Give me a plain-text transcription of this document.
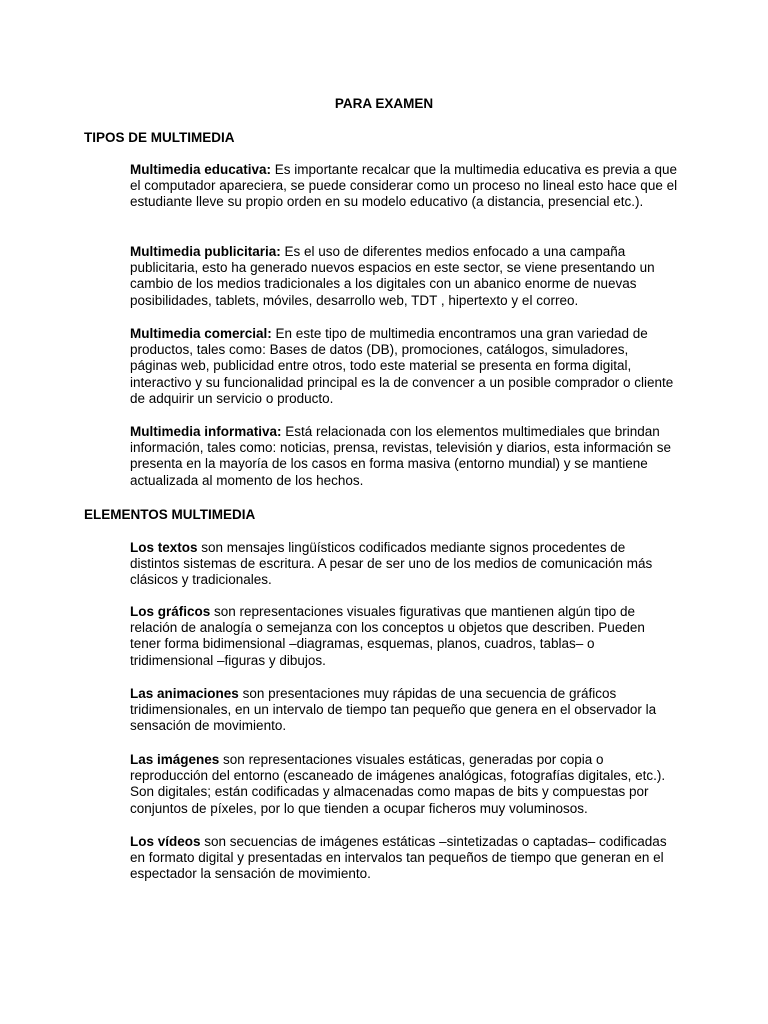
PARA EXAMEN
TIPOS DE MULTIMEDIA

Multimedia educativa: Es importante recalcar que la multimedia educativa es previa a que el computador apareciera, se puede considerar como un proceso no lineal esto hace que el estudiante lleve su propio orden en su modelo educativo (a distancia, presencial etc.).

Multimedia publicitaria: Es el uso de diferentes medios enfocado a una campaña publicitaria, esto ha generado nuevos espacios en este sector, se viene presentando un cambio de los medios tradicionales a los digitales con un abanico enorme de nuevas posibilidades, tablets, móviles, desarrollo web, TDT , hipertexto y el correo.

Multimedia comercial: En este tipo de multimedia encontramos una gran variedad de productos, tales como: Bases de datos (DB), promociones, catálogos, simuladores, páginas web, publicidad entre otros, todo este material se presenta en forma digital, interactivo y su funcionalidad principal es la de convencer a un posible comprador o cliente de adquirir un servicio o producto.

Multimedia informativa: Está relacionada con los elementos multimediales que brindan información, tales como: noticias, prensa, revistas, televisión y diarios, esta información se presenta en la mayoría de los casos en forma masiva (entorno mundial) y se mantiene actualizada al momento de los hechos.

ELEMENTOS MULTIMEDIA

Los textos son mensajes lingüísticos codificados mediante signos procedentes de distintos sistemas de escritura. A pesar de ser uno de los medios de comunicación más clásicos y tradicionales.

Los gráficos son representaciones visuales figurativas que mantienen algún tipo de relación de analogía o semejanza con los conceptos u objetos que describen. Pueden tener forma bidimensional –diagramas, esquemas, planos, cuadros, tablas– o tridimensional –figuras y dibujos.

Las animaciones son presentaciones muy rápidas de una secuencia de gráficos tridimensionales, en un intervalo de tiempo tan pequeño que genera en el observador la sensación de movimiento.

Las imágenes son representaciones visuales estáticas, generadas por copia o reproducción del entorno (escaneado de imágenes analógicas, fotografías digitales, etc.). Son digitales; están codificadas y almacenadas como mapas de bits y compuestas por conjuntos de píxeles, por lo que tienden a ocupar ficheros muy voluminosos.

Los vídeos son secuencias de imágenes estáticas –sintetizadas o captadas– codificadas en formato digital y presentadas en intervalos tan pequeños de tiempo que generan en el espectador la sensación de movimiento.
